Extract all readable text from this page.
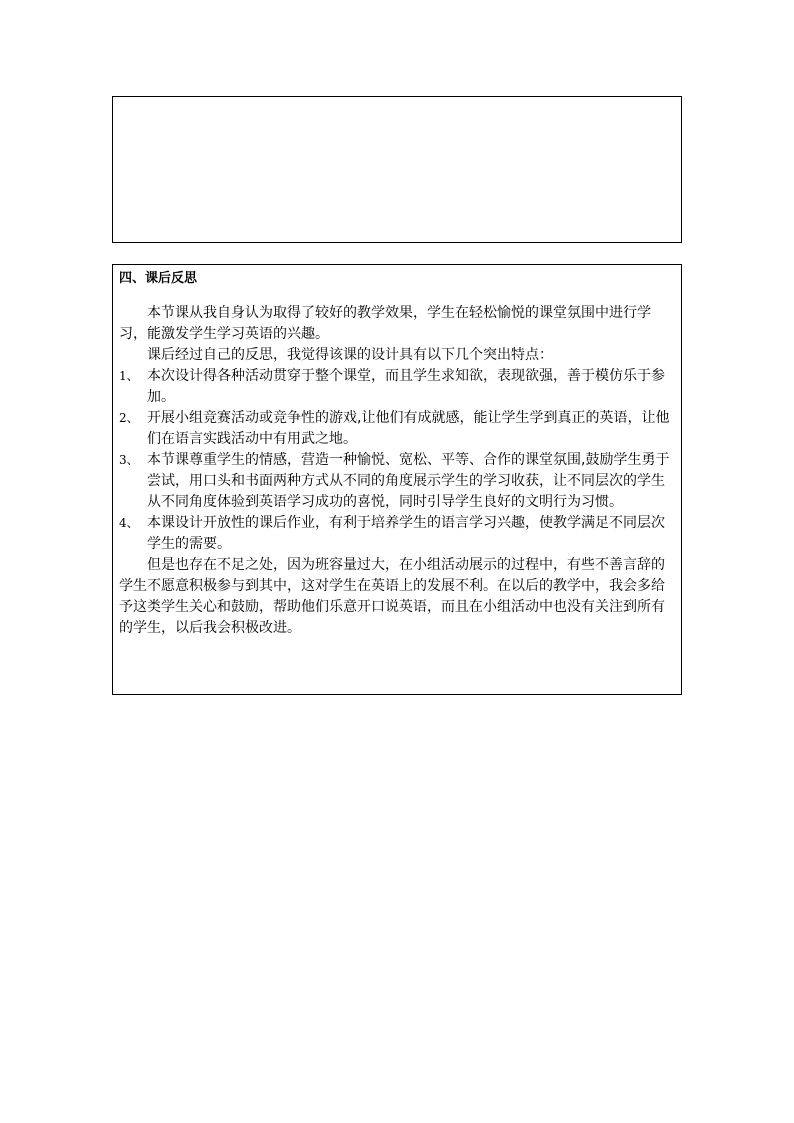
四、课后反思

本节课从我自身认为取得了较好的教学效果，学生在轻松愉悦的课堂氛围中进行学习，能激发学生学习英语的兴趣。

课后经过自己的反思，我觉得该课的设计具有以下几个突出特点：

1、 本次设计得各种活动贯穿于整个课堂，而且学生求知欲，表现欲强，善于模仿乐于参加。
2、 开展小组竞赛活动或竞争性的游戏,让他们有成就感，能让学生学到真正的英语，让他们在语言实践活动中有用武之地。
3、 本节课尊重学生的情感，营造一种愉悦、宽松、平等、合作的课堂氛围,鼓励学生勇于尝试，用口头和书面两种方式从不同的角度展示学生的学习收获，让不同层次的学生从不同角度体验到英语学习成功的喜悦，同时引导学生良好的文明行为习惯。
4、 本课设计开放性的课后作业，有利于培养学生的语言学习兴趣，使教学满足不同层次学生的需要。

但是也存在不足之处，因为班容量过大，在小组活动展示的过程中，有些不善言辞的学生不愿意积极参与到其中，这对学生在英语上的发展不利。在以后的教学中，我会多给予这类学生关心和鼓励，帮助他们乐意开口说英语，而且在小组活动中也没有关注到所有的学生，以后我会积极改进。
